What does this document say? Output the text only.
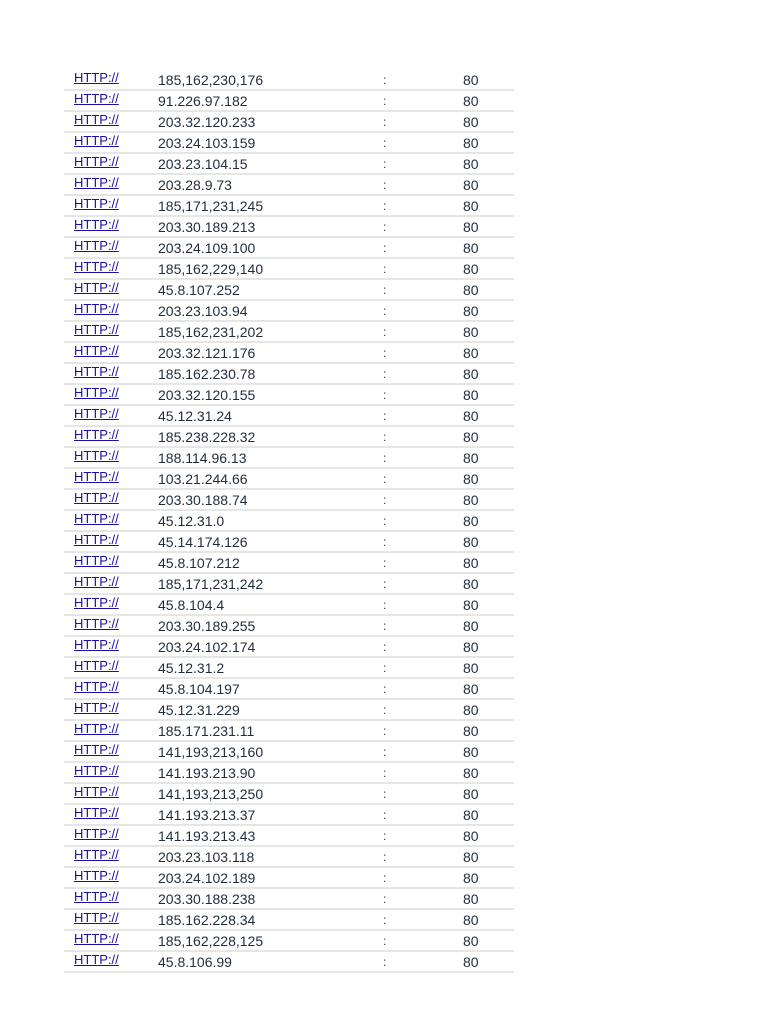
HTTP://	185,162,230,176	:	80
HTTP://	91.226.97.182	:	80
HTTP://	203.32.120.233	:	80
HTTP://	203.24.103.159	:	80
HTTP://	203.23.104.15	:	80
HTTP://	203.28.9.73	:	80
HTTP://	185,171,231,245	:	80
HTTP://	203.30.189.213	:	80
HTTP://	203.24.109.100	:	80
HTTP://	185,162,229,140	:	80
HTTP://	45.8.107.252	:	80
HTTP://	203.23.103.94	:	80
HTTP://	185,162,231,202	:	80
HTTP://	203.32.121.176	:	80
HTTP://	185.162.230.78	:	80
HTTP://	203.32.120.155	:	80
HTTP://	45.12.31.24	:	80
HTTP://	185.238.228.32	:	80
HTTP://	188.114.96.13	:	80
HTTP://	103.21.244.66	:	80
HTTP://	203.30.188.74	:	80
HTTP://	45.12.31.0	:	80
HTTP://	45.14.174.126	:	80
HTTP://	45.8.107.212	:	80
HTTP://	185,171,231,242	:	80
HTTP://	45.8.104.4	:	80
HTTP://	203.30.189.255	:	80
HTTP://	203.24.102.174	:	80
HTTP://	45.12.31.2	:	80
HTTP://	45.8.104.197	:	80
HTTP://	45.12.31.229	:	80
HTTP://	185.171.231.11	:	80
HTTP://	141,193,213,160	:	80
HTTP://	141.193.213.90	:	80
HTTP://	141,193,213,250	:	80
HTTP://	141.193.213.37	:	80
HTTP://	141.193.213.43	:	80
HTTP://	203.23.103.118	:	80
HTTP://	203.24.102.189	:	80
HTTP://	203.30.188.238	:	80
HTTP://	185.162.228.34	:	80
HTTP://	185,162,228,125	:	80
HTTP://	45.8.106.99	:	80
